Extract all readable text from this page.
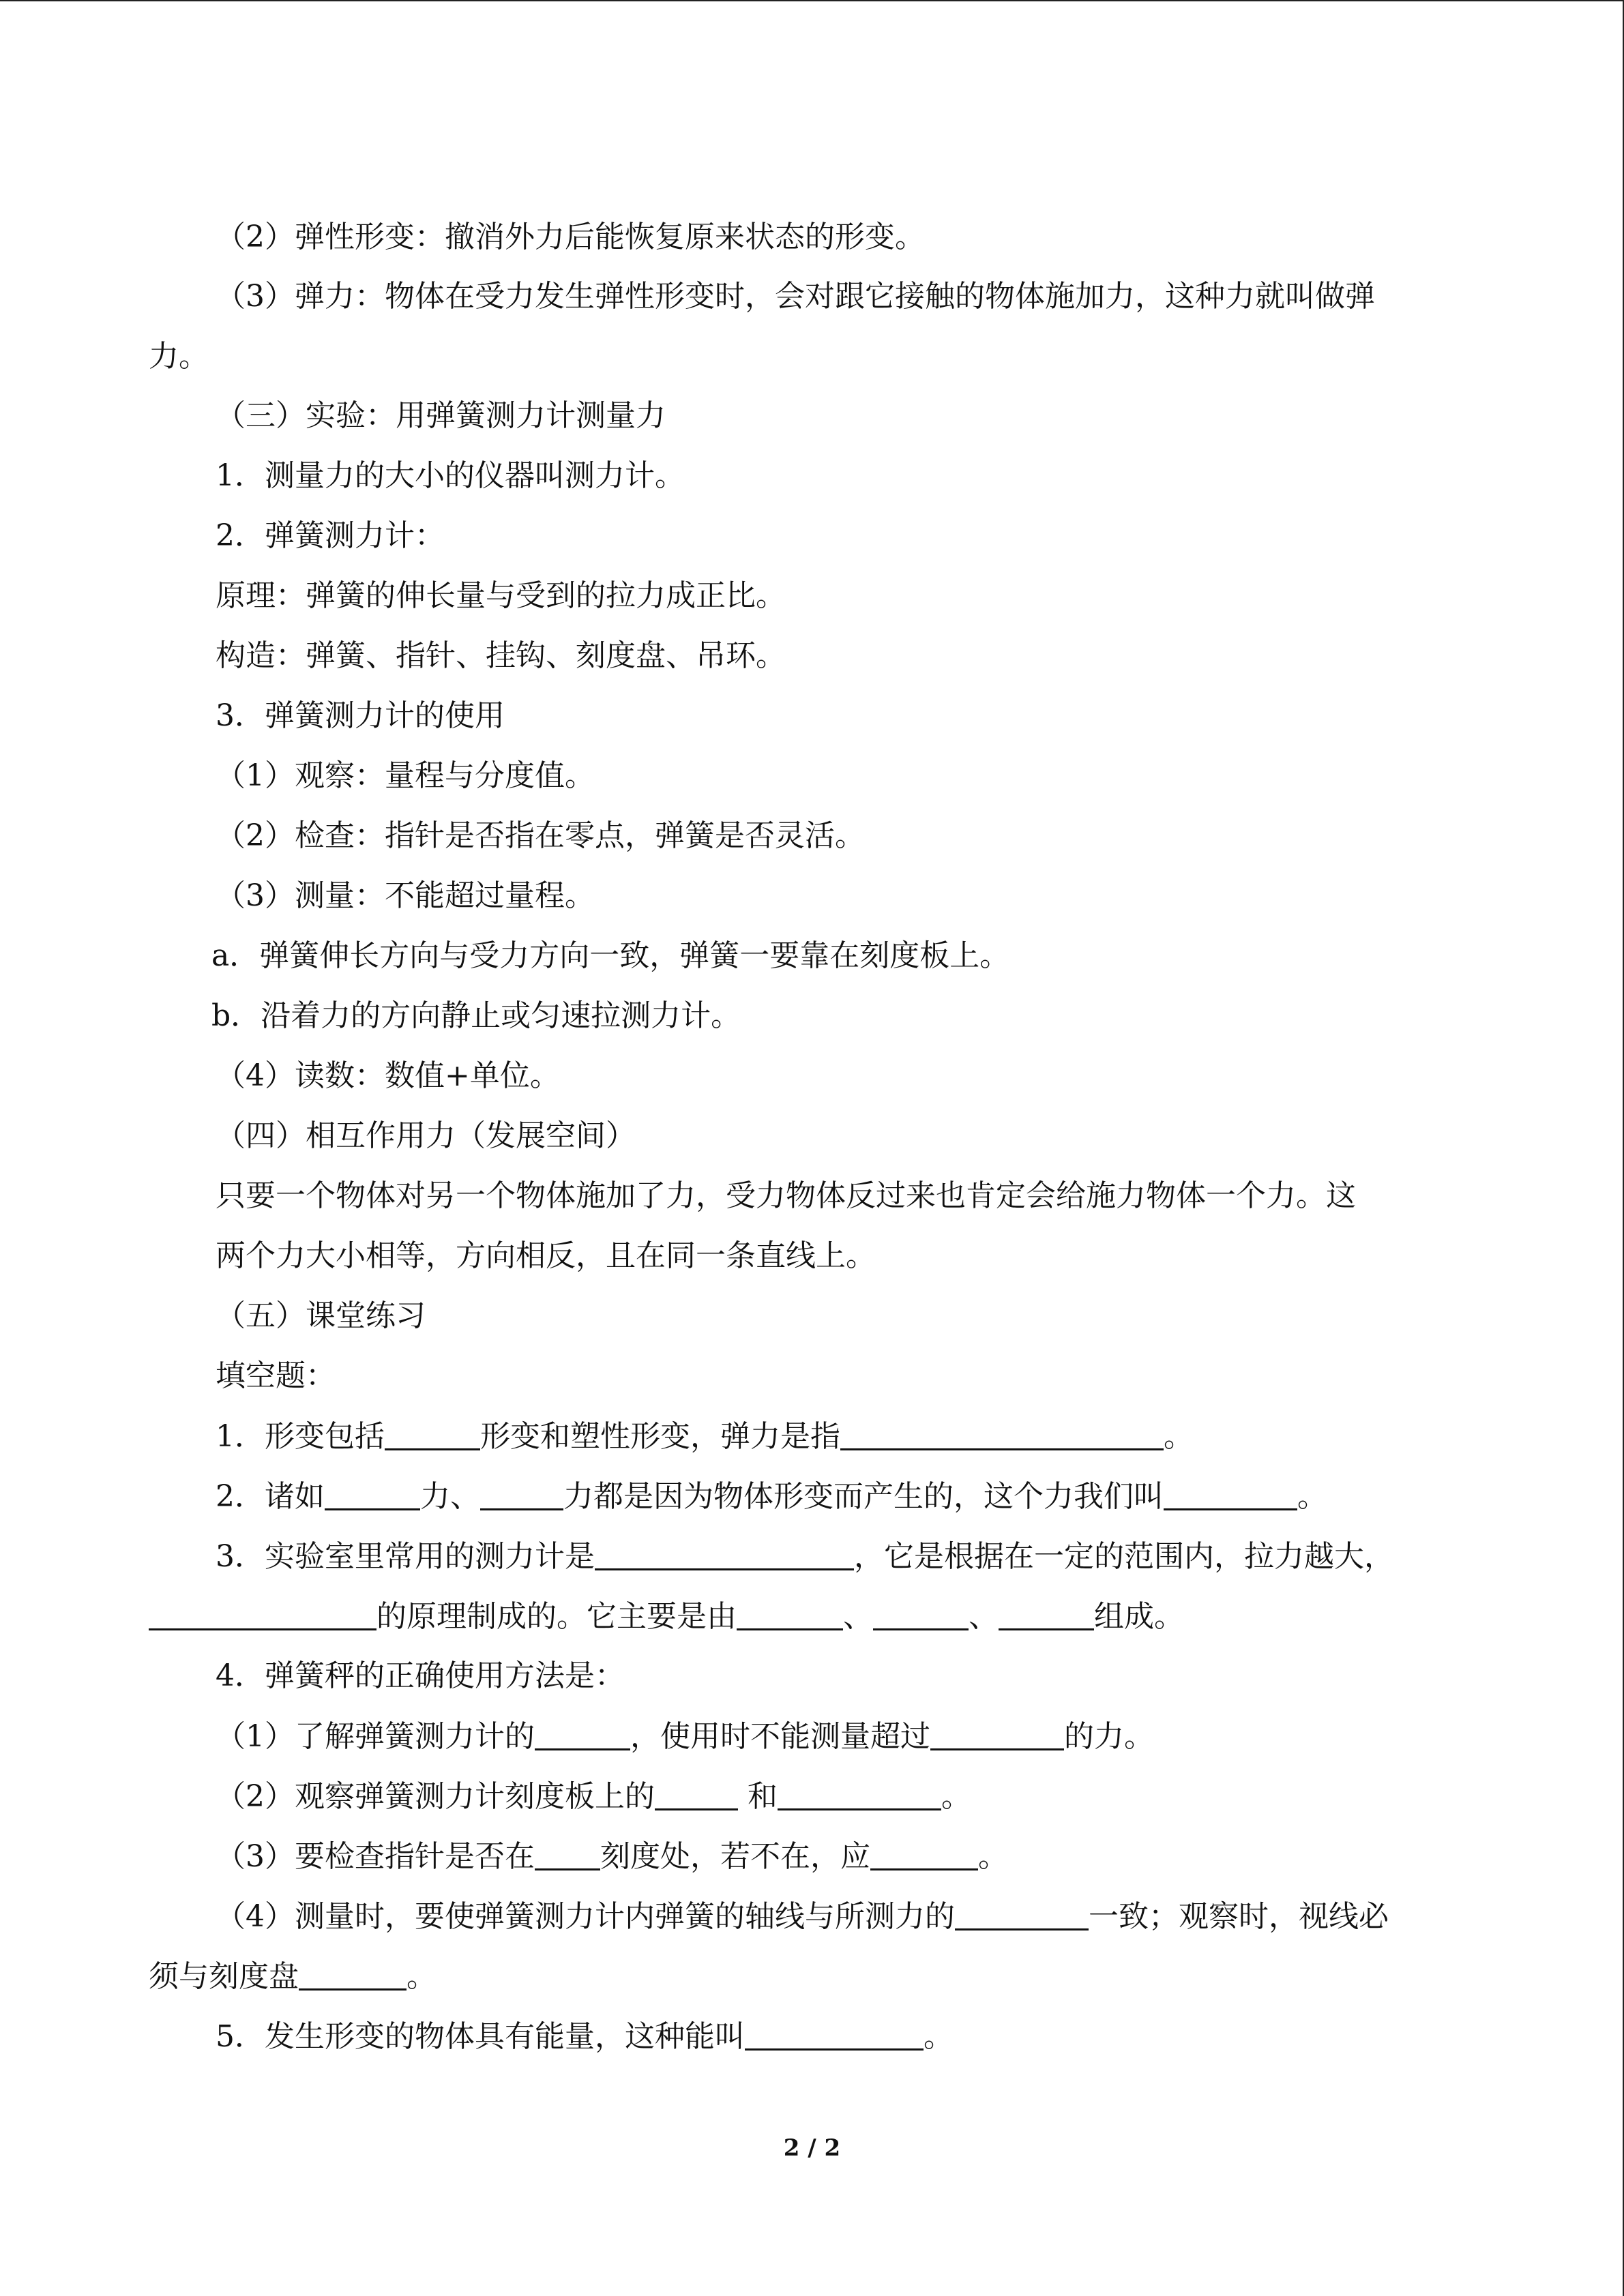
（2）弹性形变：撤消外力后能恢复原来状态的形变。
（3）弹力：物体在受力发生弹性形变时，会对跟它接触的物体施加力，这种力就叫做弹
力。
（三）实验：用弹簧测力计测量力
1．测量力的大小的仪器叫测力计。
2．弹簧测力计：
原理：弹簧的伸长量与受到的拉力成正比。
构造：弹簧、指针、挂钩、刻度盘、吊环。
3．弹簧测力计的使用
（1）观察：量程与分度值。
（2）检查：指针是否指在零点，弹簧是否灵活。
（3）测量：不能超过量程。
a．弹簧伸长方向与受力方向一致，弹簧一要靠在刻度板上。
b．沿着力的方向静止或匀速拉测力计。
（4）读数：数值+单位。
（四）相互作用力（发展空间）
只要一个物体对另一个物体施加了力，受力物体反过来也肯定会给施力物体一个力。这
两个力大小相等，方向相反，且在同一条直线上。
（五）课堂练习
填空题：
1．形变包括	形变和塑性形变，弹力是指	。
2．诸如	力、	力都是因为物体形变而产生的，这个力我们叫	。
3．实验室里常用的测力计是	，它是根据在一定的范围内，拉力越大，
的原理制成的。它主要是由	、	、	组成。
4．弹簧秤的正确使用方法是：
（1）了解弹簧测力计的	，使用时不能测量超过	的力。
（2）观察弹簧测力计刻度板上的	和	。
（3）要检查指针是否在 刻度处，若不在，应	。
（4）测量时，要使弹簧测力计内弹簧的轴线与所测力的	一致；观察时，视线必
须与刻度盘	。
5．发生形变的物体具有能量，这种能叫	。
2 / 2
